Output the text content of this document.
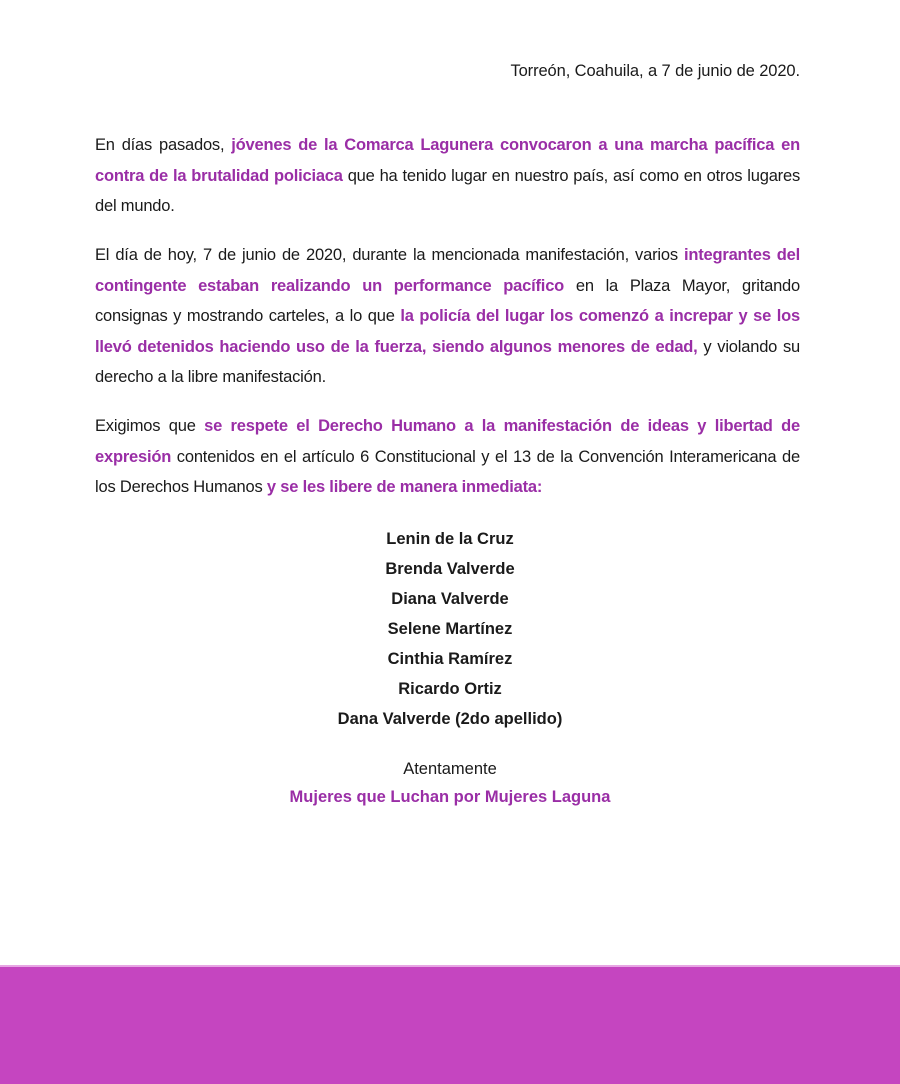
Torreón, Coahuila, a 7 de junio de 2020.

En días pasados, jóvenes de la Comarca Lagunera convocaron a una marcha pacífica en contra de la brutalidad policiaca que ha tenido lugar en nuestro país, así como en otros lugares del mundo.

El día de hoy, 7 de junio de 2020, durante la mencionada manifestación, varios integrantes del contingente estaban realizando un performance pacífico en la Plaza Mayor, gritando consignas y mostrando carteles, a lo que la policía del lugar los comenzó a increpar y se los llevó detenidos haciendo uso de la fuerza, siendo algunos menores de edad, y violando su derecho a la libre manifestación.

Exigimos que se respete el Derecho Humano a la manifestación de ideas y libertad de expresión contenidos en el artículo 6 Constitucional y el 13 de la Convención Interamericana de los Derechos Humanos y se les libere de manera inmediata:

Lenin de la Cruz
Brenda Valverde
Diana Valverde
Selene Martínez
Cinthia Ramírez
Ricardo Ortiz
Dana Valverde (2do apellido)
Atentamente
Mujeres que Luchan por Mujeres Laguna
